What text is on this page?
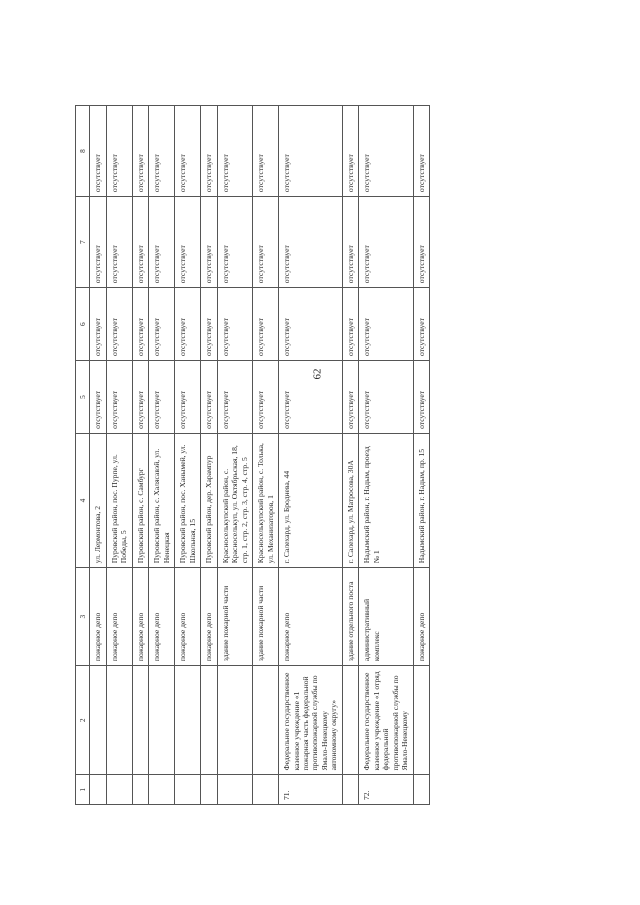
62
1	2	3	4	5	6	7	8
		пожарное депо	ул. Лермонтова, 2	отсутствует	отсутствует	отсутствует	отсутствует
		пожарное депо	Пуровский район, пос. Пурпе, ул. Победы, 5	отсутствует	отсутствует	отсутствует	отсутствует
		пожарное депо	Пуровский район, с. Самбург	отсутствует	отсутствует	отсутствует	отсутствует
		пожарное депо	Пуровский район, с. Халясавэй, ул. Ненецкая	отсутствует	отсутствует	отсутствует	отсутствует
		пожарное депо	Пуровский район, пос. Ханымей, ул. Школьная, 15	отсутствует	отсутствует	отсутствует	отсутствует
		пожарное депо	Пуровский район, дер. Харампур	отсутствует	отсутствует	отсутствует	отсутствует
		здание пожарной части	Красноселькупский район, с. Красноселькуп, ул. Октябрьская, 18, стр. 1, стр. 2, стр. 3, стр. 4, стр. 5	отсутствует	отсутствует	отсутствует	отсутствует
		здание пожарной части	Красноселькупский район, с. Толька, ул. Механизаторов, 1	отсутствует	отсутствует	отсутствует	отсутствует
71.	Федеральное государственное казенное учреждение «1 пожарная часть федеральной противопожарной службы по Ямало-Ненецкому автономному округу»	пожарное депо	г. Салехард, ул. Броднева, 44	отсутствует	отсутствует	отсутствует	отсутствует
		здание отдельного поста	г. Салехард, ул. Матросова, 30А	отсутствует	отсутствует	отсутствует	отсутствует
72.	Федеральное государственное казенное учреждение «1 отряд федеральной противопожарной службы по Ямало-Ненецкому	административный комплекс	Надымский район, г. Надым, проезд № 1	отсутствует	отсутствует	отсутствует	отсутствует
		пожарное депо	Надымский район, г. Надым, пр. 15	отсутствует	отсутствует	отсутствует	отсутствует
